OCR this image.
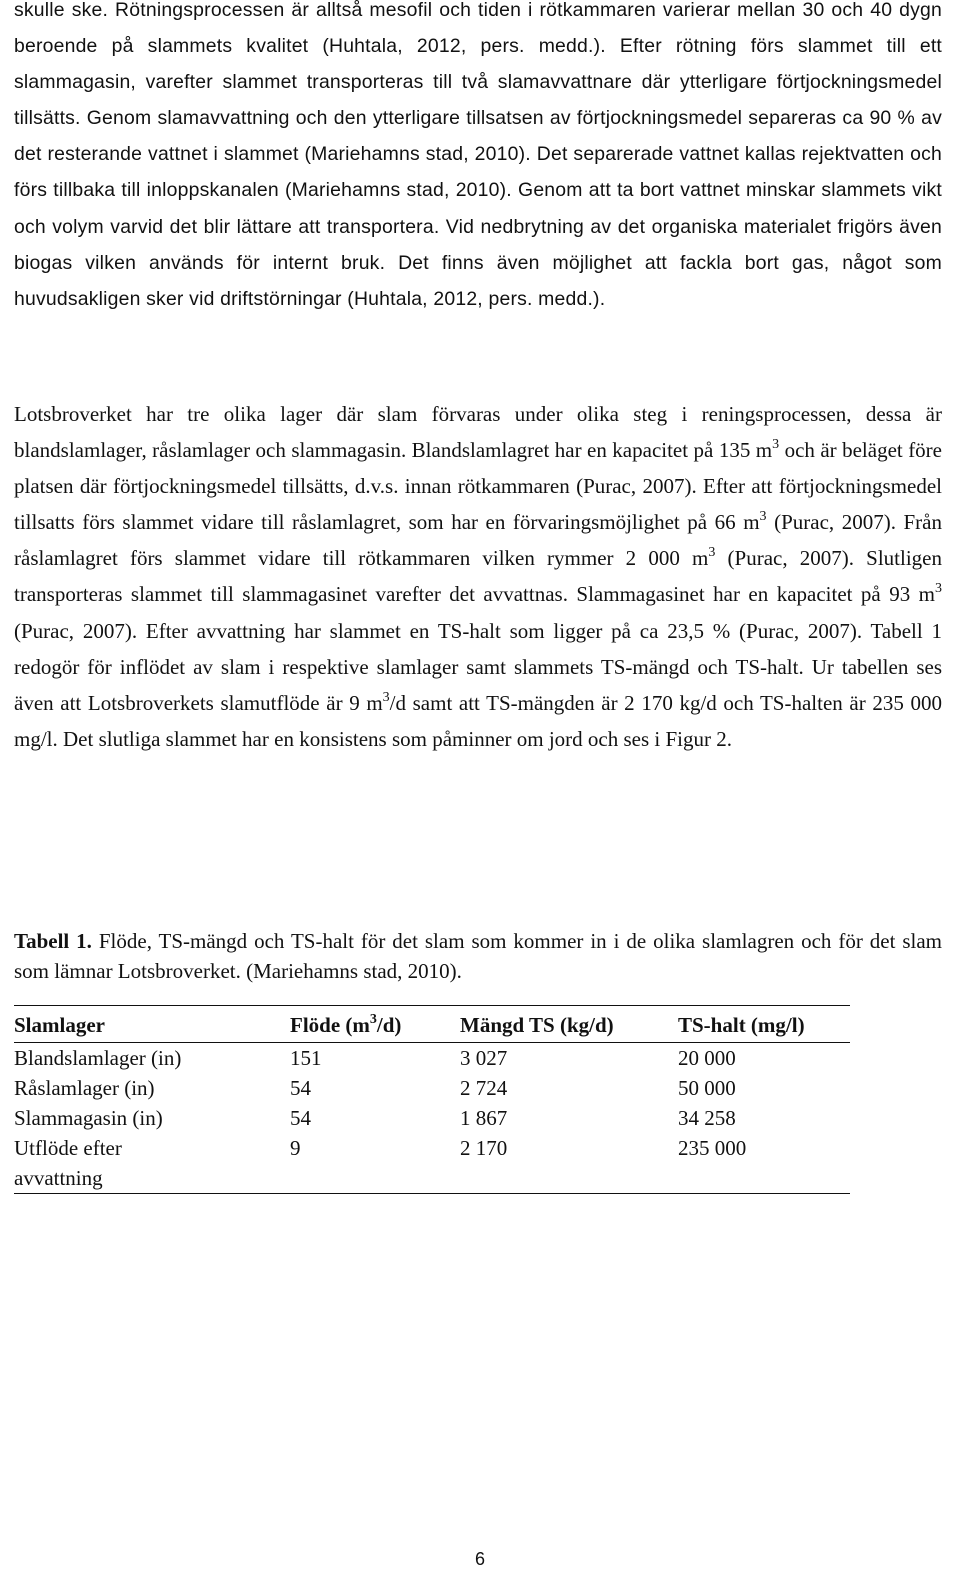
skulle ske. Rötningsprocessen är alltså mesofil och tiden i rötkammaren varierar mellan 30 och 40 dygn beroende på slammets kvalitet (Huhtala, 2012, pers. medd.). Efter rötning förs slammet till ett slammagasin, varefter slammet transporteras till två slamavvattnare där ytterligare förtjockningsmedel tillsätts. Genom slamavvattning och den ytterligare tillsatsen av förtjockningsmedel separeras ca 90 % av det resterande vattnet i slammet (Mariehamns stad, 2010). Det separerade vattnet kallas rejektvatten och förs tillbaka till inloppskanalen (Mariehamns stad, 2010). Genom att ta bort vattnet minskar slammets vikt och volym varvid det blir lättare att transportera. Vid nedbrytning av det organiska materialet frigörs även biogas vilken används för internt bruk. Det finns även möjlighet att fackla bort gas, något som huvudsakligen sker vid driftstörningar (Huhtala, 2012, pers. medd.).

Lotsbroverket har tre olika lager där slam förvaras under olika steg i reningsprocessen, dessa är blandslamlager, råslamlager och slammagasin. Blandslamlagret har en kapacitet på 135 $m^3$ och är beläget före platsen där förtjockningsmedel tillsätts, d.v.s. innan rötkammaren (Purac, 2007). Efter att förtjockningsmedel tillsatts förs slammet vidare till råslamlagret, som har en förvaringsmöjlighet på 66 $m^3$ (Purac, 2007). Från råslamlagret förs slammet vidare till rötkammaren vilken rymmer 2 000 $m^3$ (Purac, 2007). Slutligen transporteras slammet till slammagasinet varefter det avvattnas. Slammagasinet har en kapacitet på 93 $m^3$ (Purac, 2007). Efter avvattning har slammet en TS-halt som ligger på ca 23,5 % (Purac, 2007). Tabell 1 redogör för inflödet av slam i respektive slamlager samt slammets TS-mängd och TS-halt. Ur tabellen ses även att Lotsbroverkets slamutflöde är 9 $m^3/d$ samt att TS-mängden är 2 170 kg/d och TS-halten är 235 000 mg/l. Det slutliga slammet har en konsistens som påminner om jord och ses i Figur 2.

Tabell 1. Flöde, TS-mängd och TS-halt för det slam som kommer in i de olika slamlagren och för det slam som lämnar Lotsbroverket. (Mariehamns stad, 2010).

Slamlager	Flöde $(m^3/d)$	Mängd TS (kg/d)	TS-halt (mg/l)
Blandslamlager (in)	151	3 027	20 000
Råslamlager (in)	54	2 724	50 000
Slammagasin (in)	54	1 867	34 258
Utflöde efter avvattning	9	2 170	235 000
6
